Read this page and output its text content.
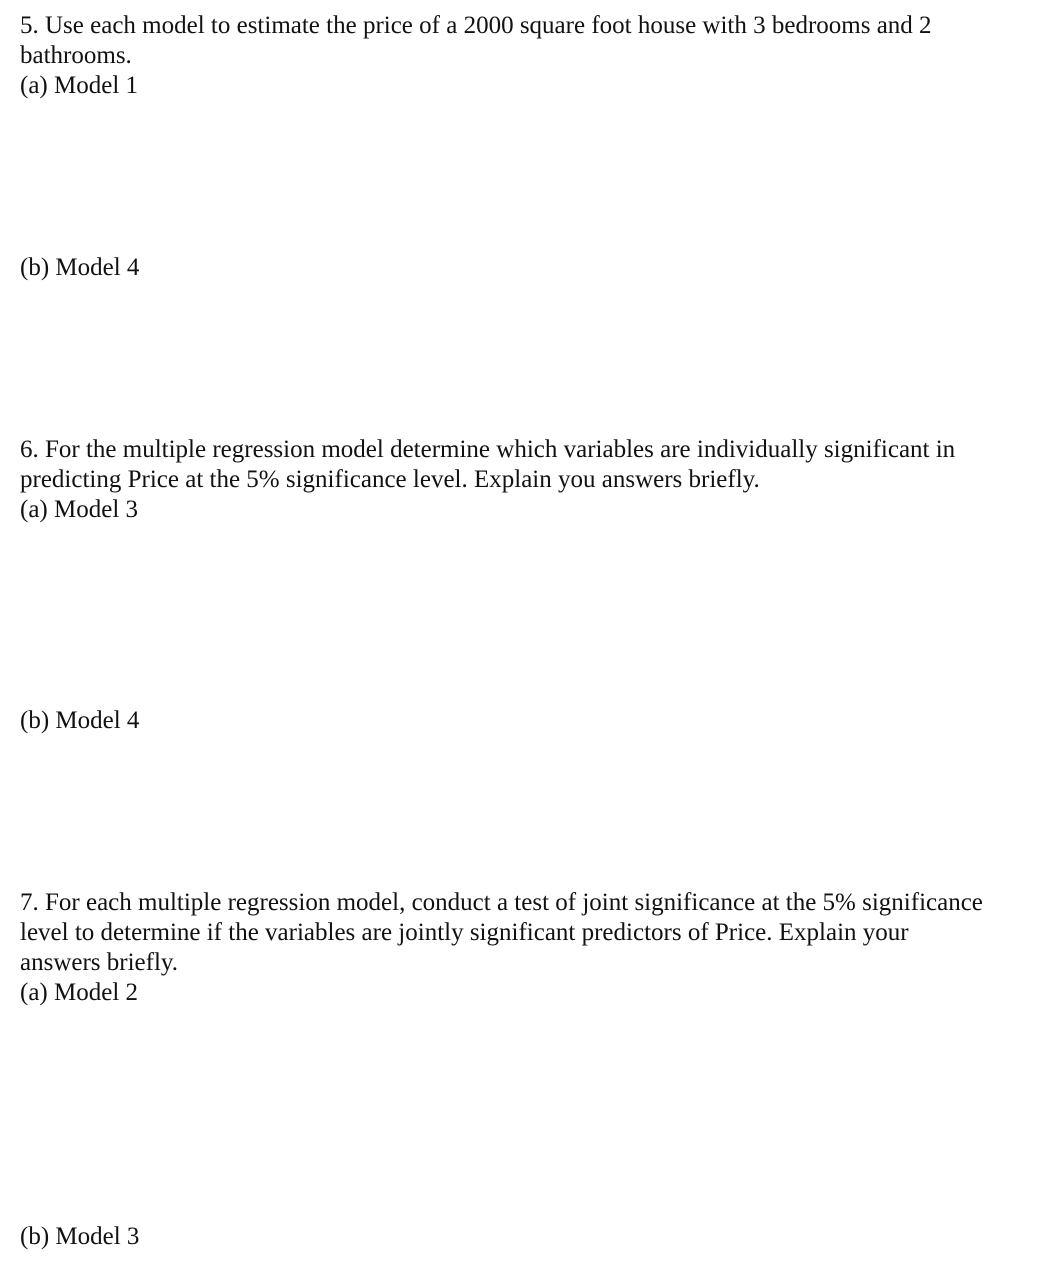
5. Use each model to estimate the price of a 2000 square foot house with 3 bedrooms and 2
bathrooms.

(a) Model 1

(b) Model 4

6. For the multiple regression model determine which variables are individually significant in
predicting Price at the 5% significance level. Explain you answers briefly.

(a) Model 3

(b) Model 4

7. For each multiple regression model, conduct a test of joint significance at the 5% significance
level to determine if the variables are jointly significant predictors of Price. Explain your
answers briefly.

(a) Model 2

(b) Model 3
